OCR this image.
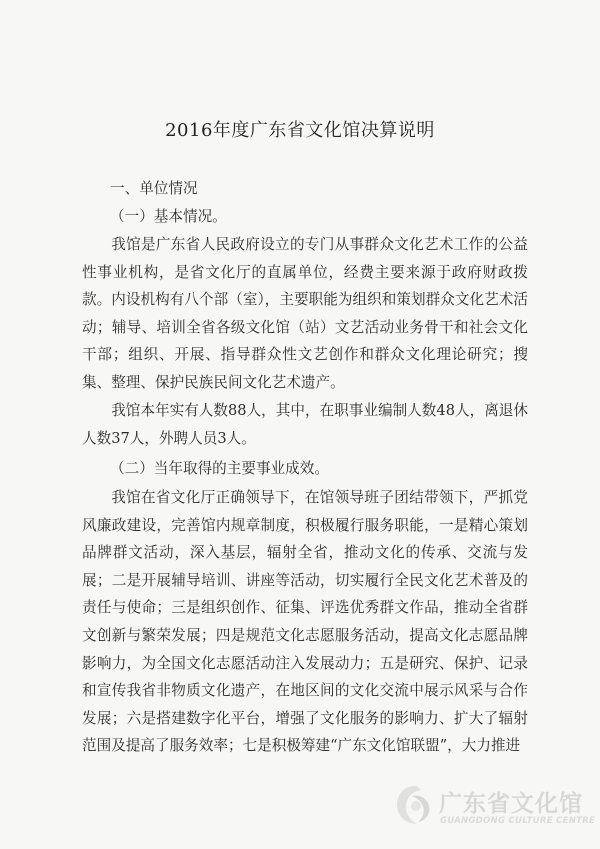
2016年度广东省文化馆决算说明
一、单位情况
（一）基本情况。

我馆是广东省人民政府设立的专门从事群众文化艺术工作的公益性事业机构，是省文化厅的直属单位，经费主要来源于政府财政拨款。内设机构有八个部（室），主要职能为组织和策划群众文化艺术活动；辅导、培训全省各级文化馆（站）文艺活动业务骨干和社会文化干部；组织、开展、指导群众性文艺创作和群众文化理论研究；搜集、整理、保护民族民间文化艺术遗产。

我馆本年实有人数88人，其中，在职事业编制人数48人，离退休人数37人，外聘人员3人。

（二）当年取得的主要事业成效。

我馆在省文化厅正确领导下，在馆领导班子团结带领下，严抓党风廉政建设，完善馆内规章制度，积极履行服务职能，一是精心策划品牌群文活动，深入基层，辐射全省，推动文化的传承、交流与发展；二是开展辅导培训、讲座等活动，切实履行全民文化艺术普及的责任与使命；三是组织创作、征集、评选优秀群文作品，推动全省群文创新与繁荣发展；四是规范文化志愿服务活动，提高文化志愿品牌影响力，为全国文化志愿活动注入发展动力；五是研究、保护、记录和宣传我省非物质文化遗产，在地区间的文化交流中展示风采与合作发展；六是搭建数字化平台，增强了文化服务的影响力、扩大了辐射范围及提高了服务效率；七是积极筹建“广东文化馆联盟”，大力推进

广东省文化馆
GUANGDONG CULTURE CENTRE
